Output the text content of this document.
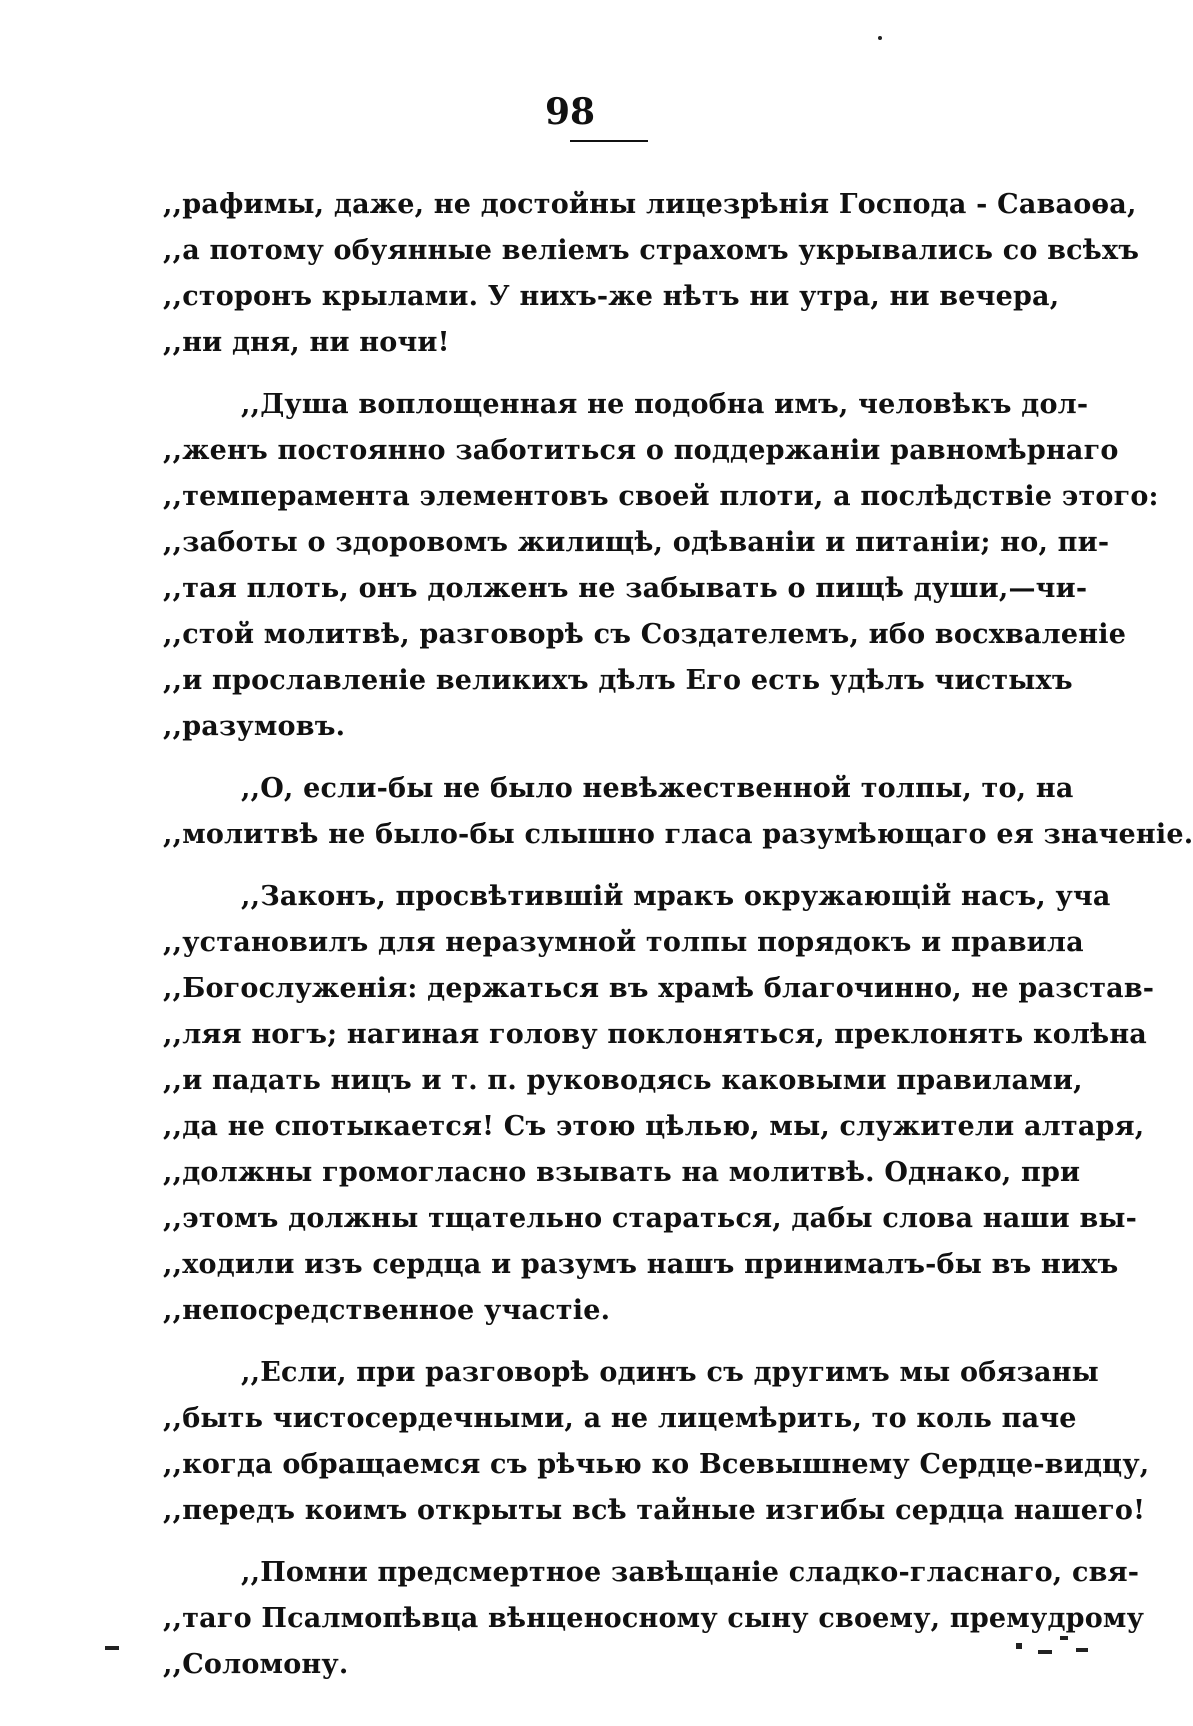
98
,,рафимы, даже, не достойны лицезрѣнія Господа - Саваоѳа,
,,а потому обуянные веліемъ страхомъ укрывались со всѣхъ
,,сторонъ крылами. У нихъ-же нѣтъ ни утра, ни вечера,
,,ни дня, ни ночи!
,,Душа воплощенная не подобна имъ, человѣкъ дол-
,,женъ постоянно заботиться о поддержаніи равномѣрнаго
,,темперамента элементовъ своей плоти, а послѣдствіе этого:
,,заботы о здоровомъ жилищѣ, одѣваніи и питаніи; но, пи-
,,тая плоть, онъ долженъ не забывать о пищѣ души,—чи-
,,стой молитвѣ, разговорѣ съ Создателемъ, ибо восхваленіе
,,и прославленіе великихъ дѣлъ Его есть удѣлъ чистыхъ
,,разумовъ.
,,О, если-бы не было невѣжественной толпы, то, на
,,молитвѣ не было-бы слышно гласа разумѣющаго ея значеніе.
,,Законъ, просвѣтившій мракъ окружающій насъ, уча
,,установилъ для неразумной толпы порядокъ и правила
,,Богослуженія: держаться въ храмѣ благочинно, не разстав-
,,ляя ногъ; нагиная голову поклоняться, преклонять колѣна
,,и падать ницъ и т. п. руководясь каковыми правилами,
,,да не спотыкается! Съ этою цѣлью, мы, служители алтаря,
,,должны громогласно взывать на молитвѣ. Однако, при
,,этомъ должны тщательно стараться, дабы слова наши вы-
,,ходили изъ сердца и разумъ нашъ принималъ-бы въ нихъ
,,непосредственное участіе.
,,Если, при разговорѣ одинъ съ другимъ мы обязаны
,,быть чистосердечными, а не лицемѣрить, то коль паче
,,когда обращаемся съ рѣчью ко Всевышнему Сердце-видцу,
,,передъ коимъ открыты всѣ тайные изгибы сердца нашего!
,,Помни предсмертное завѣщаніе сладко-гласнаго, свя-
,,таго Псалмопѣвца вѣнценосному сыну своему, премудрому
,,Соломону.
